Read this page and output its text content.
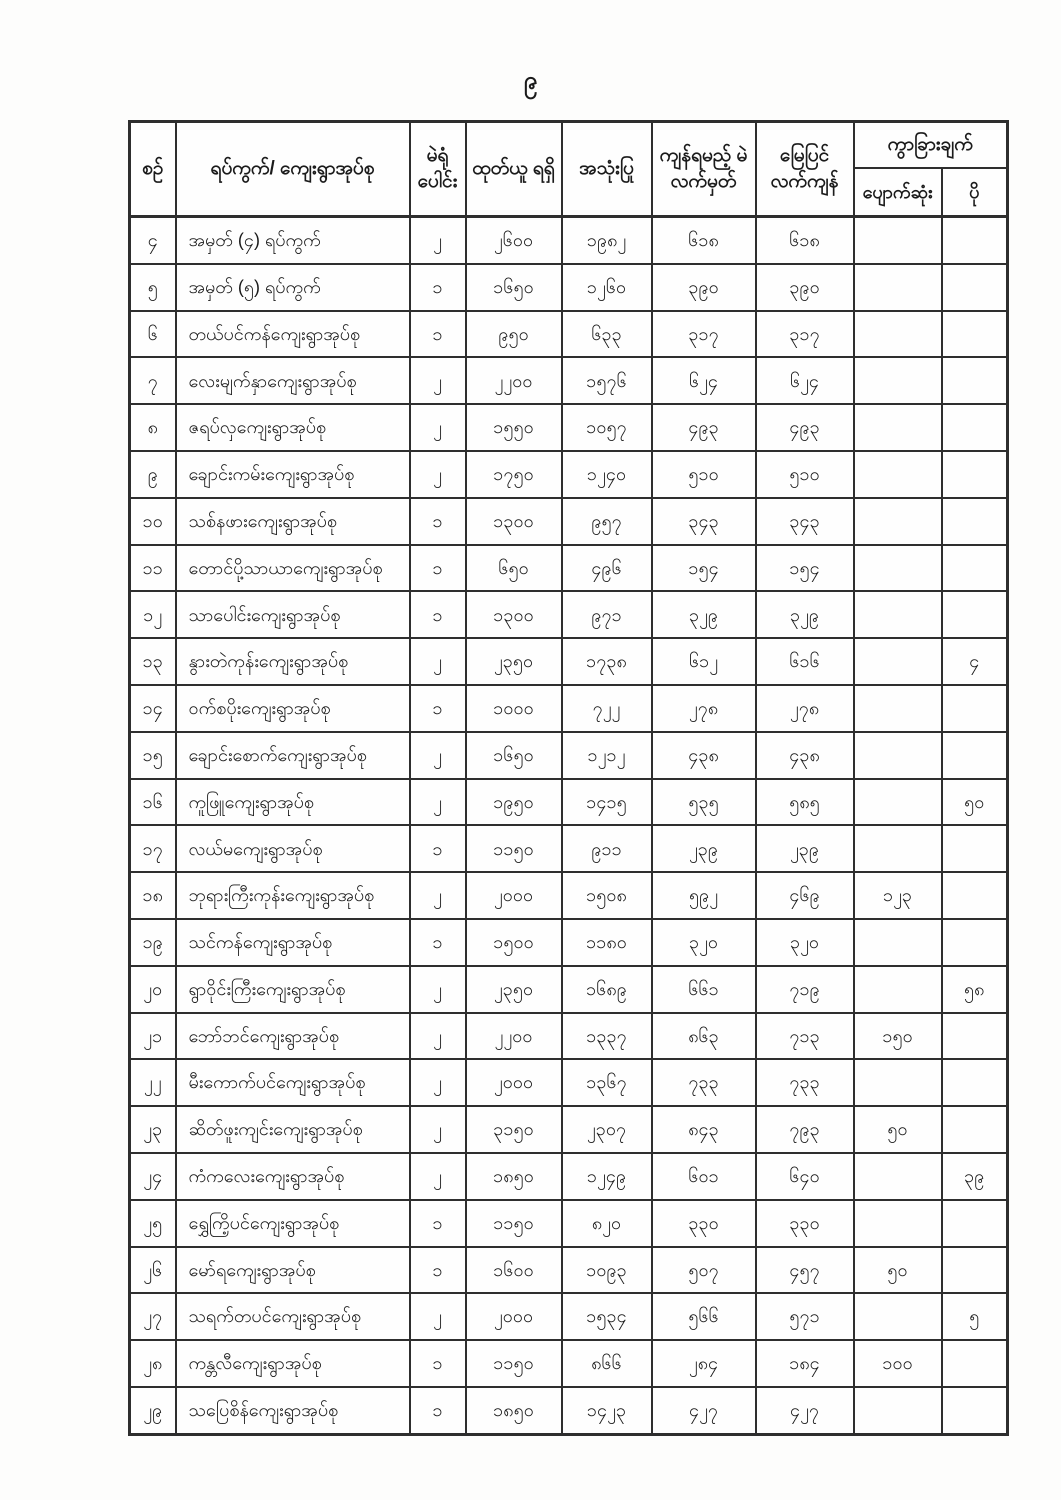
၉
စဉ်	ရပ်ကွက်/ ကျေးရွာအုပ်စု	မဲရုံ ပေါင်း	ထုတ်ယူ ရရှိ	အသုံးပြု	ကျန်ရမည့် မဲလက်မှတ်	မြေပြင် လက်ကျန်	ကွာခြားချက်	
							ပျောက်ဆုံး	ပို
၄	အမှတ် (၄) ရပ်ကွက်	၂	၂၆၀၀	၁၉၈၂	၆၁၈	၆၁၈		
၅	အမှတ် (၅) ရပ်ကွက်	၁	၁၆၅၀	၁၂၆၀	၃၉၀	၃၉၀		
၆	တယ်ပင်ကန်ကျေးရွာအုပ်စု	၁	၉၅၀	၆၃၃	၃၁၇	၃၁၇		
၇	လေးမျက်နှာကျေးရွာအုပ်စု	၂	၂၂၀၀	၁၅၇၆	၆၂၄	၆၂၄		
၈	ဇရပ်လှကျေးရွာအုပ်စု	၂	၁၅၅၀	၁၀၅၇	၄၉၃	၄၉၃		
၉	ချောင်းကမ်းကျေးရွာအုပ်စု	၂	၁၇၅၀	၁၂၄၀	၅၁၀	၅၁၀		
၁၀	သစ်နဖားကျေးရွာအုပ်စု	၁	၁၃၀၀	၉၅၇	၃၄၃	၃၄၃		
၁၁	တောင်ပို့သာယာကျေးရွာအုပ်စု	၁	၆၅၀	၄၉၆	၁၅၄	၁၅၄		
၁၂	သာပေါင်းကျေးရွာအုပ်စု	၁	၁၃၀၀	၉၇၁	၃၂၉	၃၂၉		
၁၃	နွားတဲကုန်းကျေးရွာအုပ်စု	၂	၂၃၅၀	၁၇၃၈	၆၁၂	၆၁၆		၄
၁၄	ဝက်စပိုးကျေးရွာအုပ်စု	၁	၁၀၀၀	၇၂၂	၂၇၈	၂၇၈		
၁၅	ချောင်းစောက်ကျေးရွာအုပ်စု	၂	၁၆၅၀	၁၂၁၂	၄၃၈	၄၃၈		
၁၆	ကူဖြူကျေးရွာအုပ်စု	၂	၁၉၅၀	၁၄၁၅	၅၃၅	၅၈၅		၅၀
၁၇	လယ်မကျေးရွာအုပ်စု	၁	၁၁၅၀	၉၁၁	၂၃၉	၂၃၉		
၁၈	ဘုရားကြီးကုန်းကျေးရွာအုပ်စု	၂	၂၀၀၀	၁၅၀၈	၅၉၂	၄၆၉	၁၂၃	
၁၉	သင်ကန်ကျေးရွာအုပ်စု	၁	၁၅၀၀	၁၁၈၀	၃၂၀	၃၂၀		
၂၀	ရွာဝိုင်းကြီးကျေးရွာအုပ်စု	၂	၂၃၅၀	၁၆၈၉	၆၆၁	၇၁၉		၅၈
၂၁	ဘော်ဘင်ကျေးရွာအုပ်စု	၂	၂၂၀၀	၁၃၃၇	၈၆၃	၇၁၃	၁၅၀	
၂၂	မီးကောက်ပင်ကျေးရွာအုပ်စု	၂	၂၀၀၀	၁၃၆၇	၇၃၃	၇၃၃		
၂၃	ဆိတ်ဖူးကျင်းကျေးရွာအုပ်စု	၂	၃၁၅၀	၂၃၀၇	၈၄၃	၇၉၃	၅၀	
၂၄	ကံကလေးကျေးရွာအုပ်စု	၂	၁၈၅၀	၁၂၄၉	၆၀၁	၆၄၀		၃၉
၂၅	ရွှေကြိ့ပင်ကျေးရွာအုပ်စု	၁	၁၁၅၀	၈၂၀	၃၃၀	၃၃၀		
၂၆	မော်ရကျေးရွာအုပ်စု	၁	၁၆၀၀	၁၀၉၃	၅၀၇	၄၅၇	၅၀	
၂၇	သရက်တပင်ကျေးရွာအုပ်စု	၂	၂၀၀၀	၁၅၃၄	၅၆၆	၅၇၁		၅
၂၈	ကန္တလီကျေးရွာအုပ်စု	၁	၁၁၅၀	၈၆၆	၂၈၄	၁၈၄	၁၀၀	
၂၉	သပြေစိန်ကျေးရွာအုပ်စု	၁	၁၈၅၀	၁၄၂၃	၄၂၇	၄၂၇		
